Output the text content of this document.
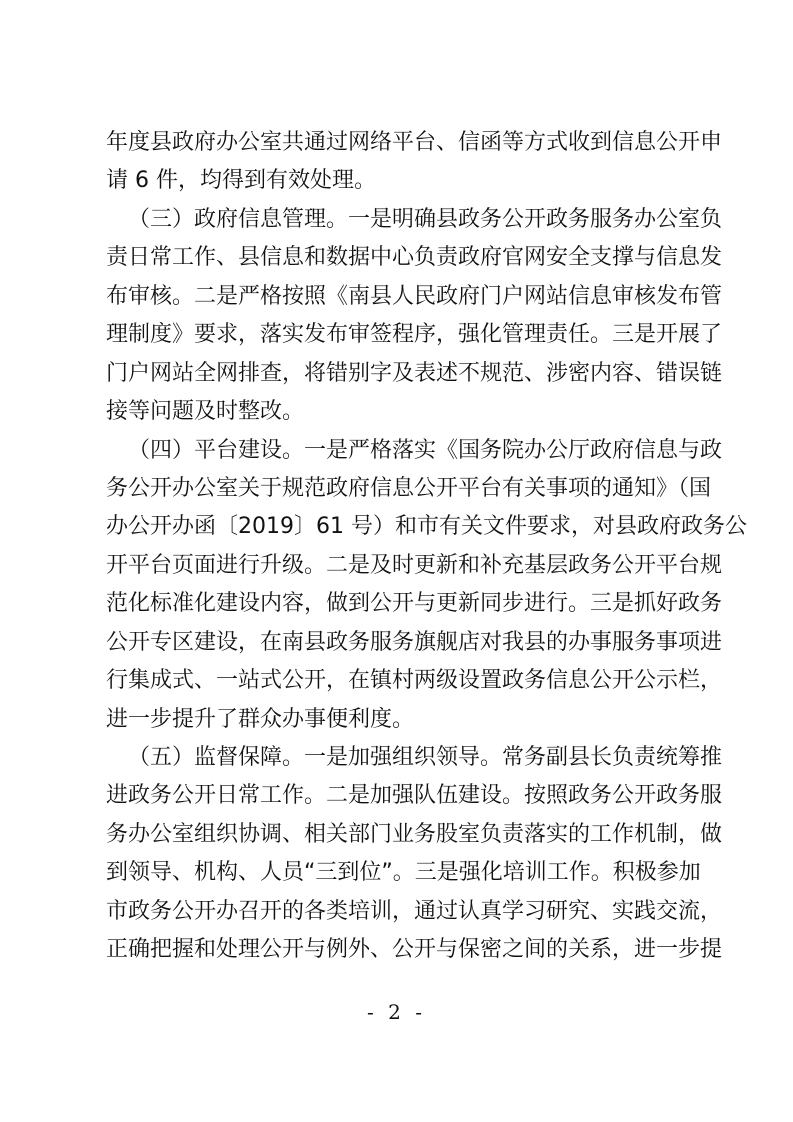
年度县政府办公室共通过网络平台、信函等方式收到信息公开申
请 6 件，均得到有效处理。
（三）政府信息管理。一是明确县政务公开政务服务办公室负
责日常工作、县信息和数据中心负责政府官网安全支撑与信息发
布审核。二是严格按照《南县人民政府门户网站信息审核发布管
理制度》要求，落实发布审签程序，强化管理责任。三是开展了
门户网站全网排查，将错别字及表述不规范、涉密内容、错误链
接等问题及时整改。
（四）平台建设。一是严格落实《国务院办公厅政府信息与政
务公开办公室关于规范政府信息公开平台有关事项的通知》（国
办公开办函〔2019〕61 号）和市有关文件要求，对县政府政务公
开平台页面进行升级。二是及时更新和补充基层政务公开平台规
范化标准化建设内容，做到公开与更新同步进行。三是抓好政务
公开专区建设，在南县政务服务旗舰店对我县的办事服务事项进
行集成式、一站式公开，在镇村两级设置政务信息公开公示栏，
进一步提升了群众办事便利度。
（五）监督保障。一是加强组织领导。常务副县长负责统筹推
进政务公开日常工作。二是加强队伍建设。按照政务公开政务服
务办公室组织协调、相关部门业务股室负责落实的工作机制，做
到领导、机构、人员“三到位”。三是强化培训工作。积极参加
市政务公开办召开的各类培训，通过认真学习研究、实践交流，
正确把握和处理公开与例外、公开与保密之间的关系，进一步提
- 2 -
